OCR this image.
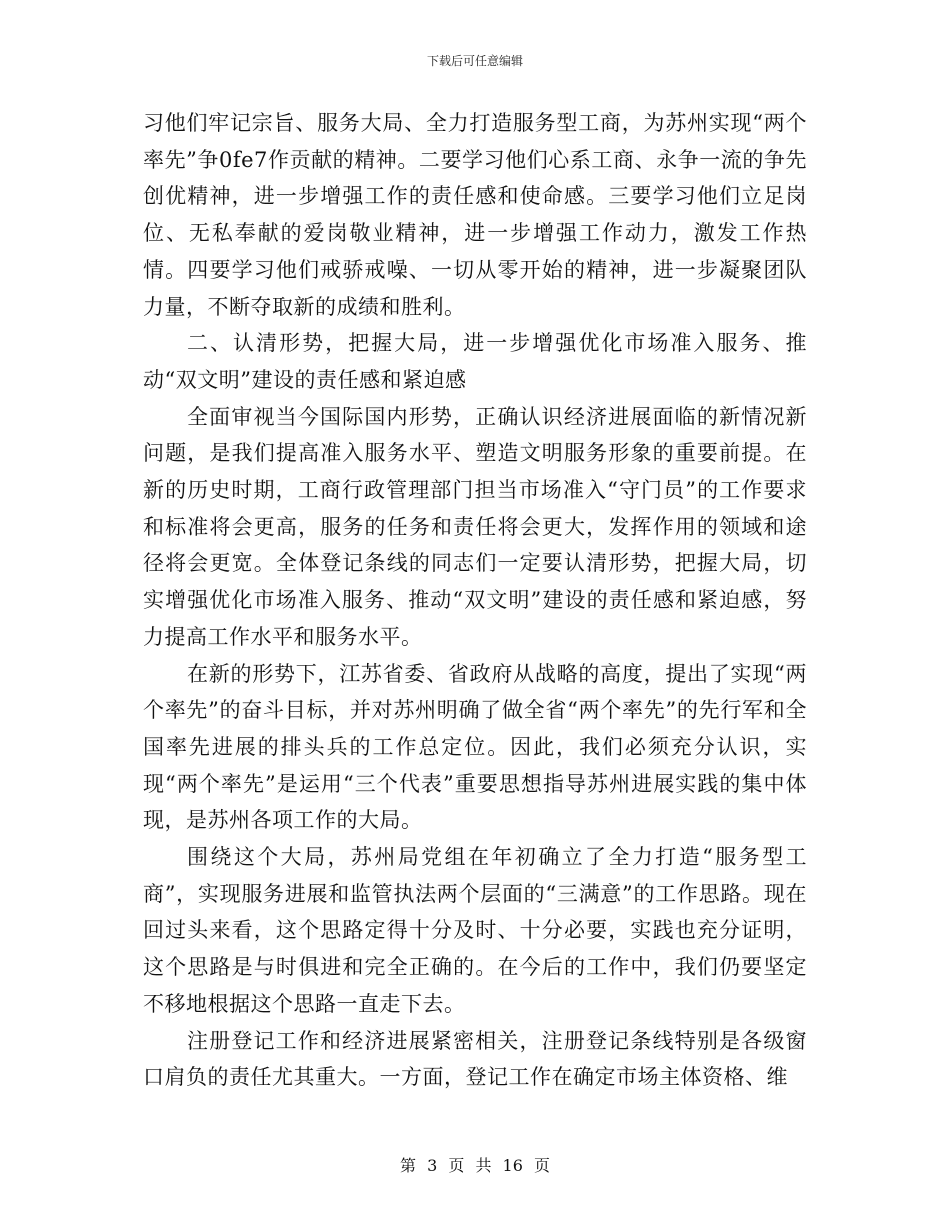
下载后可任意编辑

习他们牢记宗旨、服务大局、全力打造服务型工商，为苏州实现“两个率先”争0fe7作贡献的精神。二要学习他们心系工商、永争一流的争先创优精神，进一步增强工作的责任感和使命感。三要学习他们立足岗位、无私奉献的爱岗敬业精神，进一步增强工作动力，激发工作热情。四要学习他们戒骄戒噪、一切从零开始的精神，进一步凝聚团队力量，不断夺取新的成绩和胜利。

二、认清形势，把握大局，进一步增强优化市场准入服务、推动“双文明”建设的责任感和紧迫感

全面审视当今国际国内形势，正确认识经济进展面临的新情况新问题，是我们提高准入服务水平、塑造文明服务形象的重要前提。在新的历史时期，工商行政管理部门担当市场准入“守门员”的工作要求和标准将会更高，服务的任务和责任将会更大，发挥作用的领域和途径将会更宽。全体登记条线的同志们一定要认清形势，把握大局，切实增强优化市场准入服务、推动“双文明”建设的责任感和紧迫感，努力提高工作水平和服务水平。

在新的形势下，江苏省委、省政府从战略的高度，提出了实现“两个率先”的奋斗目标，并对苏州明确了做全省“两个率先”的先行军和全国率先进展的排头兵的工作总定位。因此，我们必须充分认识，实现“两个率先”是运用“三个代表”重要思想指导苏州进展实践的集中体现，是苏州各项工作的大局。

围绕这个大局，苏州局党组在年初确立了全力打造“服务型工商”，实现服务进展和监管执法两个层面的“三满意”的工作思路。现在回过头来看，这个思路定得十分及时、十分必要，实践也充分证明，这个思路是与时俱进和完全正确的。在今后的工作中，我们仍要坚定不移地根据这个思路一直走下去。

注册登记工作和经济进展紧密相关，注册登记条线特别是各级窗口肩负的责任尤其重大。一方面，登记工作在确定市场主体资格、维

第 3 页 共 16 页
